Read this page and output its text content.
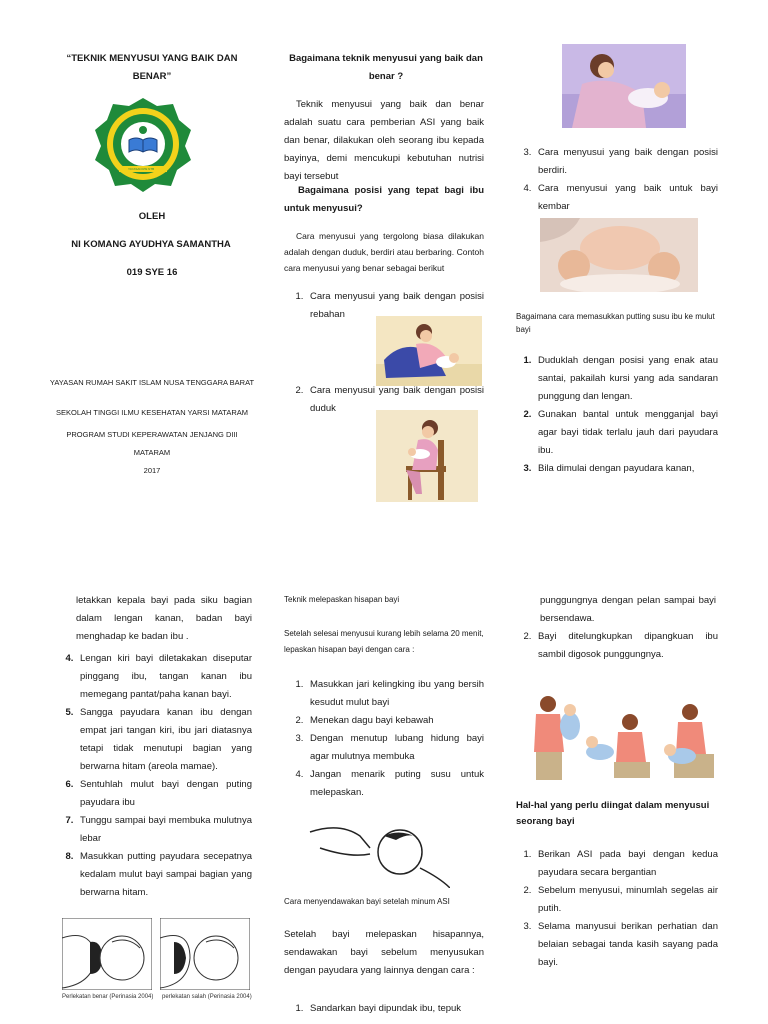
“TEKNIK MENYUSUI YANG BAIK DAN BENAR”
YAYASAN RSI NTB
OLEH
NI KOMANG AYUDHYA SAMANTHA
019 SYE 16
YAYASAN RUMAH SAKIT ISLAM NUSA TENGGARA BARAT
SEKOLAH TINGGI ILMU KESEHATAN YARSI MATARAM
PROGRAM STUDI KEPERAWATAN JENJANG DIII
MATARAM
2017
Bagaimana teknik menyusui yang baik dan benar ?
Teknik menyusui yang baik dan benar adalah suatu cara pemberian ASI yang baik dan benar, dilakukan oleh seorang ibu kepada bayinya, demi mencukupi kebutuhan nutrisi bayi tersebut
Bagaimana posisi yang tepat bagi ibu untuk menyusui?
Cara menyusui yang tergolong biasa dilakukan adalah dengan duduk, berdiri atau berbaring. Contoh cara menyusui yang benar sebagai berikut
1. Cara menyusui yang baik dengan posisi rebahan
2. Cara menyusui yang baik dengan posisi duduk
3. Cara menyusui yang baik dengan posisi berdiri.
4. Cara menyusui yang baik untuk bayi kembar
Bagaimana cara memasukkan putting susu ibu ke mulut bayi
1. Duduklah dengan posisi yang enak atau santai, pakailah kursi yang ada sandaran punggung dan lengan.
2. Gunakan bantal untuk mengganjal bayi agar bayi tidak terlalu jauh dari payudara ibu.
3. Bila dimulai dengan payudara kanan,
letakkan kepala bayi pada siku bagian dalam lengan kanan, badan bayi menghadap ke badan ibu .
4. Lengan kiri bayi diletakakan diseputar pinggang ibu, tangan kanan ibu memegang pantat/paha kanan bayi.
5. Sangga payudara kanan ibu dengan empat jari tangan kiri, ibu jari diatasnya tetapi tidak menutupi bagian yang berwarna hitam (areola mamae).
6. Sentuhlah mulut bayi dengan puting payudara ibu
7. Tunggu sampai bayi membuka mulutnya lebar
8. Masukkan putting payudara secepatnya kedalam mulut bayi sampai bagian yang berwarna hitam.
Perlekatan benar (Perinasia 2004) perlekatan salah (Perinasia 2004)
Teknik melepaskan hisapan bayi
Setelah selesai menyusui kurang lebih selama 20 menit, lepaskan hisapan bayi dengan cara :
1. Masukkan jari kelingking ibu yang bersih kesudut mulut bayi
2. Menekan dagu bayi kebawah
3. Dengan menutup lubang hidung bayi agar mulutnya membuka
4. Jangan menarik puting susu untuk melepaskan.
Cara menyendawakan bayi setelah minum ASI
Setelah bayi melepaskan hisapannya, sendawakan bayi sebelum menyusukan dengan payudara yang lainnya dengan cara :
1. Sandarkan bayi dipundak ibu, tepuk
punggungnya dengan pelan sampai bayi bersendawa.
2. Bayi ditelungkupkan dipangkuan ibu sambil digosok punggungnya.
Hal-hal yang perlu diingat dalam menyusui seorang bayi
1. Berikan ASI pada bayi dengan kedua payudara secara bergantian
2. Sebelum menyusui, minumlah segelas air putih.
3. Selama manyusui berikan perhatian dan belaian sebagai tanda kasih sayang pada bayi.
